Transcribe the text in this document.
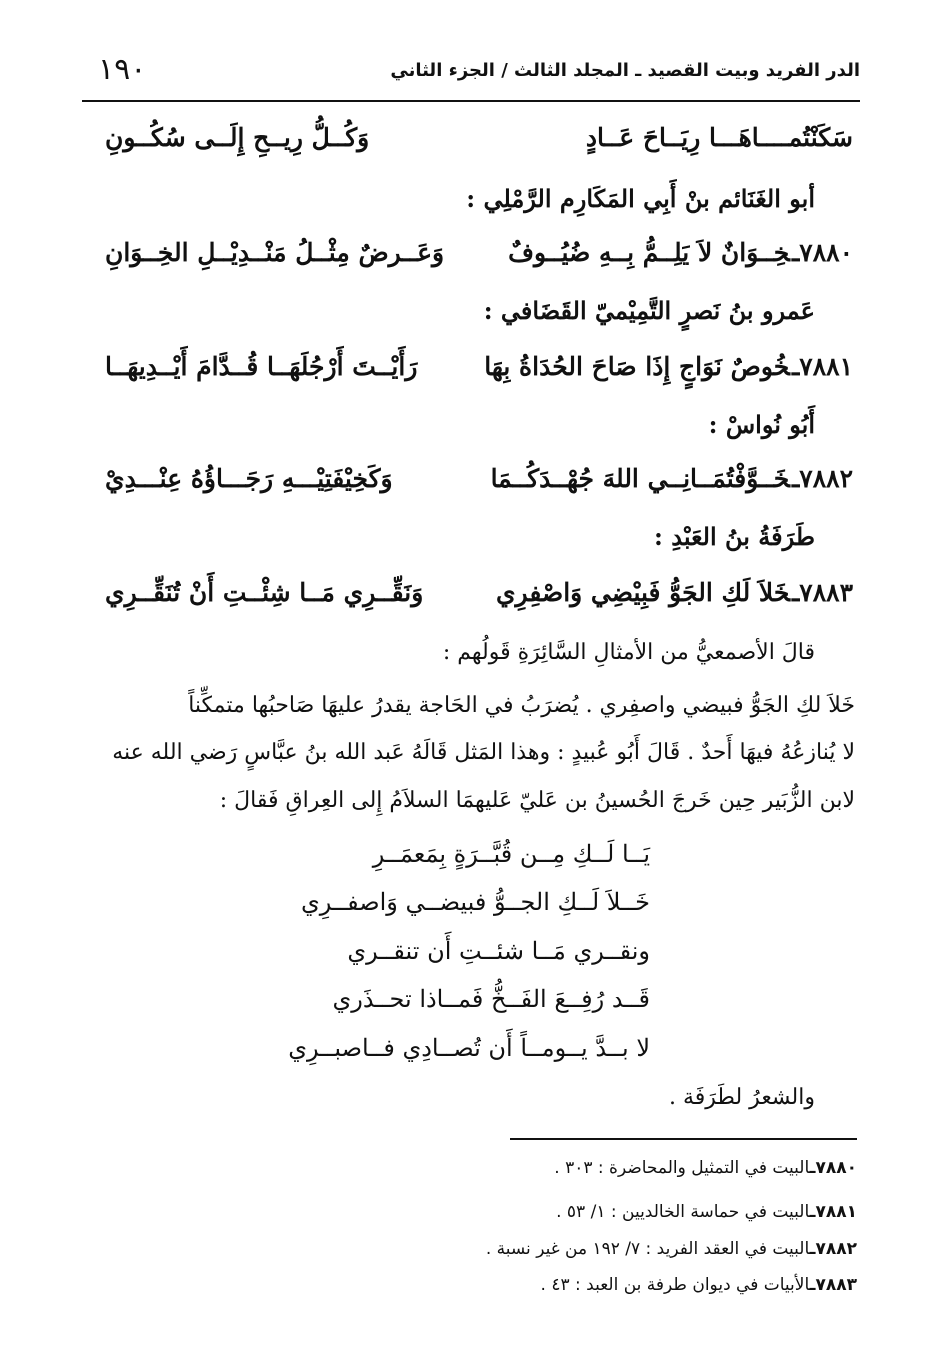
١٩٠	الدر الفريد وبيت القصيد ـ المجلد الثالث / الجزء الثاني
سَكَنْتُمــــاهَـــا رِيَــاحَ عَــادٍ
وَكُــلُّ رِيــحِ إِلَــى سُكُــونِ
أبو الغَنَائم بنْ أَبِي المَكَارِم الرَّمْلِي :
٧٨٨٠ـخِــوَانٌ لاَ يَلِــمُّ بِــهِ ضُيُــوفٌ
وَعَــرضٌ مِثْــلُ مَنْــدِيْــلِ الخِــوَانِ
عَمرو بنُ نَصرٍ التَّمِيْميّ القَضَافي :
٧٨٨١ـخُوصٌ نَوَاجٍ إِذَا صَاحَ الحُدَاةُ بِهَا
رَأَيْــتَ أَرْجُلَهَــا قُــدَّامَ أَيْــدِيهَــا
أَبُو نُواسْ :
٧٨٨٢ـخَــوَّفْتُمَــانِــي اللهَ جُهْــدَكُــمَا
وَكَخِيْفَتِيْـــهِ رَجَـــاؤُهُ عِنْـــدِيْ
طَرَفَةُ بنُ العَبْدِ :
٧٨٨٣ـخَلاَ لَكِ الجَوُّ فَبِيْضِي وَاصْفِرِي
وَنَقِّــرِي مَــا شِئْــتِ أَنْ تُنَقِّــرِي
قالَ الأصمعيُّ من الأمثالِ السَّائِرَةِ قَولُهم :
خَلاَ لكِ الجَوُّ فبيضي واصفِري . يُضرَبُ في الحَاجة يقدرُ عليهَا صَاحبُها متمكِّناً
لا يُنازعُهُ فيهَا أَحدٌ . قَالَ أَبُو عُبيدٍ : وهذا المَثل قَالَهُ عَبد الله بنُ عبَّاسٍ رَضي الله عنه
لابن الزُّبَير حِين خَرجَ الحُسينُ بن عَليّ عَليهمَا السلاَمُ إِلى العِراقِ فَقالَ :
يَــا لَــكِ مِــن قُبَّــرَةٍ بِمَعمَــرِ
خَــلاَ لَــكِ الجــوُّ فبيضــي وَاصفــرِي
ونقــري مَــا شئــتِ أَن تنقــري
قَــد رُفِــعَ الفَــخُّ فَمــاذا تحــذَري
لا بــدَّ يــومــاً أَن تُصــادِي فــاصبــرِي
والشعرُ لطَرَفَة .
٧٨٨٠ـالبيت في التمثيل والمحاضرة : ٣٠٣ .
٧٨٨١ـالبيت في حماسة الخالديين : ١/ ٥٣ .
٧٨٨٢ـالبيت في العقد الفريد : ٧/ ١٩٢ من غير نسبة .
٧٨٨٣ـالأبيات في ديوان طرفة بن العبد : ٤٣ .
